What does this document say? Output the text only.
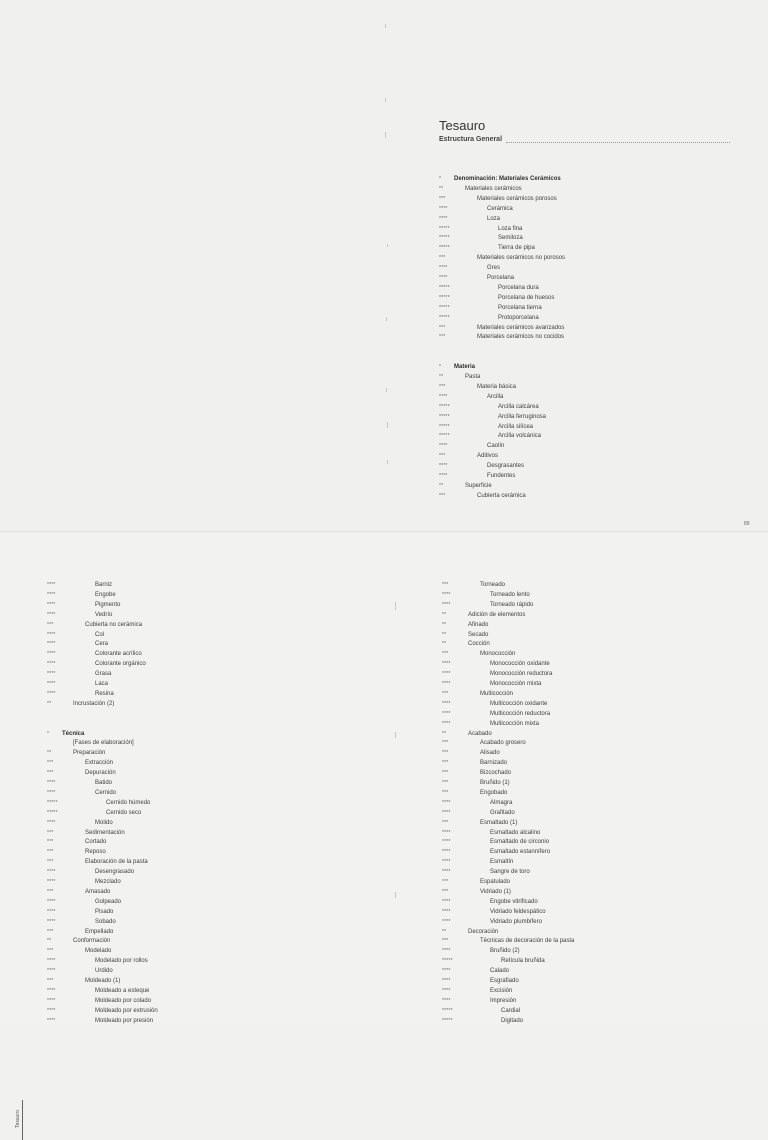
Tesauro
Estructura General
*	Denominación: Materiales Cerámicos
**	Materiales cerámicos
***	Materiales cerámicos porosos
****	Cerámica
****	Loza
*****	Loza fina
*****	Semiloza
*****	Tierra de pipa
***	Materiales cerámicos no porosos
****	Gres
****	Porcelana
*****	Porcelana dura
*****	Porcelana de huesos
*****	Porcelana tierna
*****	Protoporcelana
***	Materiales cerámicos avanzados
***	Materiales cerámicos no cocidos
*	Materia
**	Pasta
***	Materia básica
****	Arcilla
*****	Arcilla calcárea
*****	Arcilla ferruginosa
*****	Arcilla silícea
*****	Arcilla volcánica
****	Caolín
***	Aditivos
****	Desgrasantes
****	Fundentes
**	Superficie
***	Cubierta cerámica
89
Tesauro
****	Barniz
****	Engobe
****	Pigmento
****	Vedrío
***	Cubierta no cerámica
****	Col
****	Cera
****	Colorante acrílico
****	Colorante orgánico
****	Grasa
****	Laca
****	Resina
**	Incrustación (2)
*	Técnica
[Fases de elaboración]
**	Preparación
***	Extracción
***	Depuración
****	Batido
****	Cernido
*****	Cernido húmedo
*****	Cernido seco
****	Molido
***	Sedimentación
***	Cortado
***	Reposo
***	Elaboración de la pasta
****	Desengrasado
****	Mezclado
***	Amasado
****	Golpeado
****	Pisado
****	Sobado
***	Empellado
**	Conformación
***	Modelado
****	Modelado por rollos
****	Urdido
***	Moldeado (1)
****	Moldeado a esteque
****	Moldeado por colado
****	Moldeado por extrusión
****	Moldeado por presión
***	Torneado
****	Torneado lento
****	Torneado rápido
**	Adición de elementos
**	Afinado
**	Secado
**	Cocción
***	Monococción
****	Monococción oxidante
****	Monococción reductora
****	Monococción mixta
***	Multicocción
****	Multicocción oxidante
****	Multicocción reductora
****	Multicocción mixta
**	Acabado
***	Acabado grosero
***	Alisado
***	Barnizado
***	Bizcochado
***	Bruñido (1)
***	Engobado
****	Almagra
****	Grafitado
***	Esmaltado (1)
****	Esmaltado alcalino
****	Esmaltado de circonio
****	Esmaltado estannífero
****	Esmaltín
****	Sangre de toro
***	Espatulado
***	Vidriado (1)
****	Engobe vitrificado
****	Vidriado feldespático
****	Vidriado plumbífero
**	Decoración
***	Técnicas de decoración de la pasta
****	Bruñido (2)
*****	Retícula bruñida
****	Calado
****	Esgrafiado
****	Excisión
****	Impresión
*****	Cardial
*****	Digitado
